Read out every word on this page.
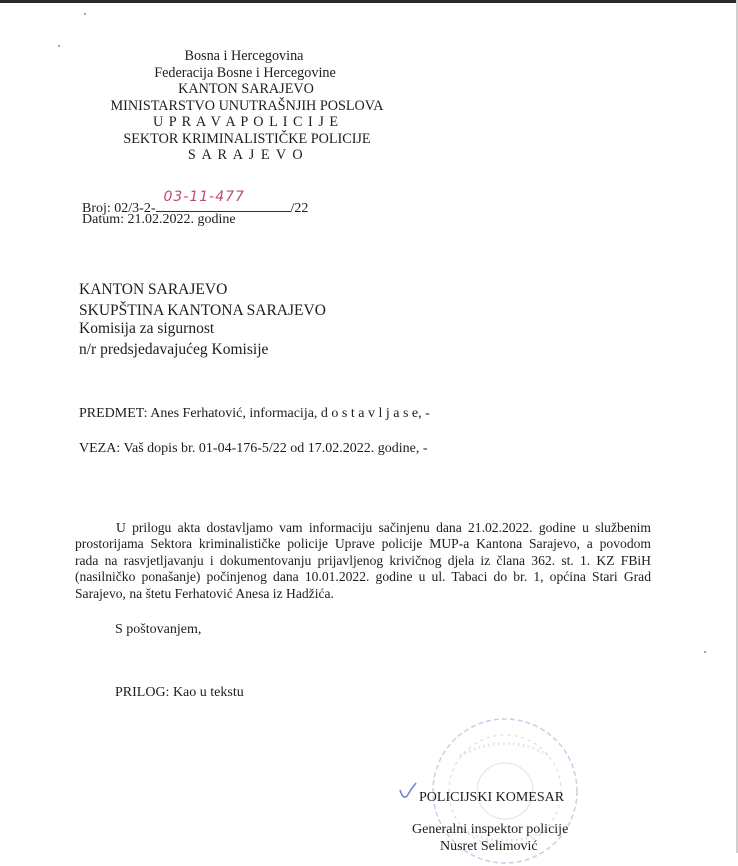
Bosna i Hercegovina
Federacija Bosne i Hercegovine
KANTON SARAJEVO
MINISTARSTVO UNUTRAŠNJIH POSLOVA
U P R A V A P O L I C I J E
SEKTOR KRIMINALISTIČKE POLICIJE
S A R A J E V O
Broj: 02/3-2-
03-11-477
/22
Datum: 21.02.2022. godine
KANTON SARAJEVO
SKUPŠTINA KANTONA SARAJEVO
Komisija za sigurnost
n/r predsjedavajućeg Komisije
PREDMET: Anes Ferhatović, informacija, d o s t a v l j a s e, -
VEZA: Vaš dopis br. 01-04-176-5/22 od 17.02.2022. godine, -
U prilogu akta dostavljamo vam informaciju sačinjenu dana 21.02.2022. godine u službenim
prostorijama Sektora kriminalističke policije Uprave policije MUP-a Kantona Sarajevo, a povodom
rada na rasvjetljavanju i dokumentovanju prijavljenog krivičnog djela iz člana 362. st. 1. KZ FBiH
(nasilničko ponašanje) počinjenog dana 10.01.2022. godine u ul. Tabaci do br. 1, općina Stari Grad
Sarajevo, na štetu Ferhatović Anesa iz Hadžića.
S poštovanjem,
PRILOG: Kao u tekstu
POLICIJSKI KOMESAR
Generalni inspektor policije
Nusret Selimović
